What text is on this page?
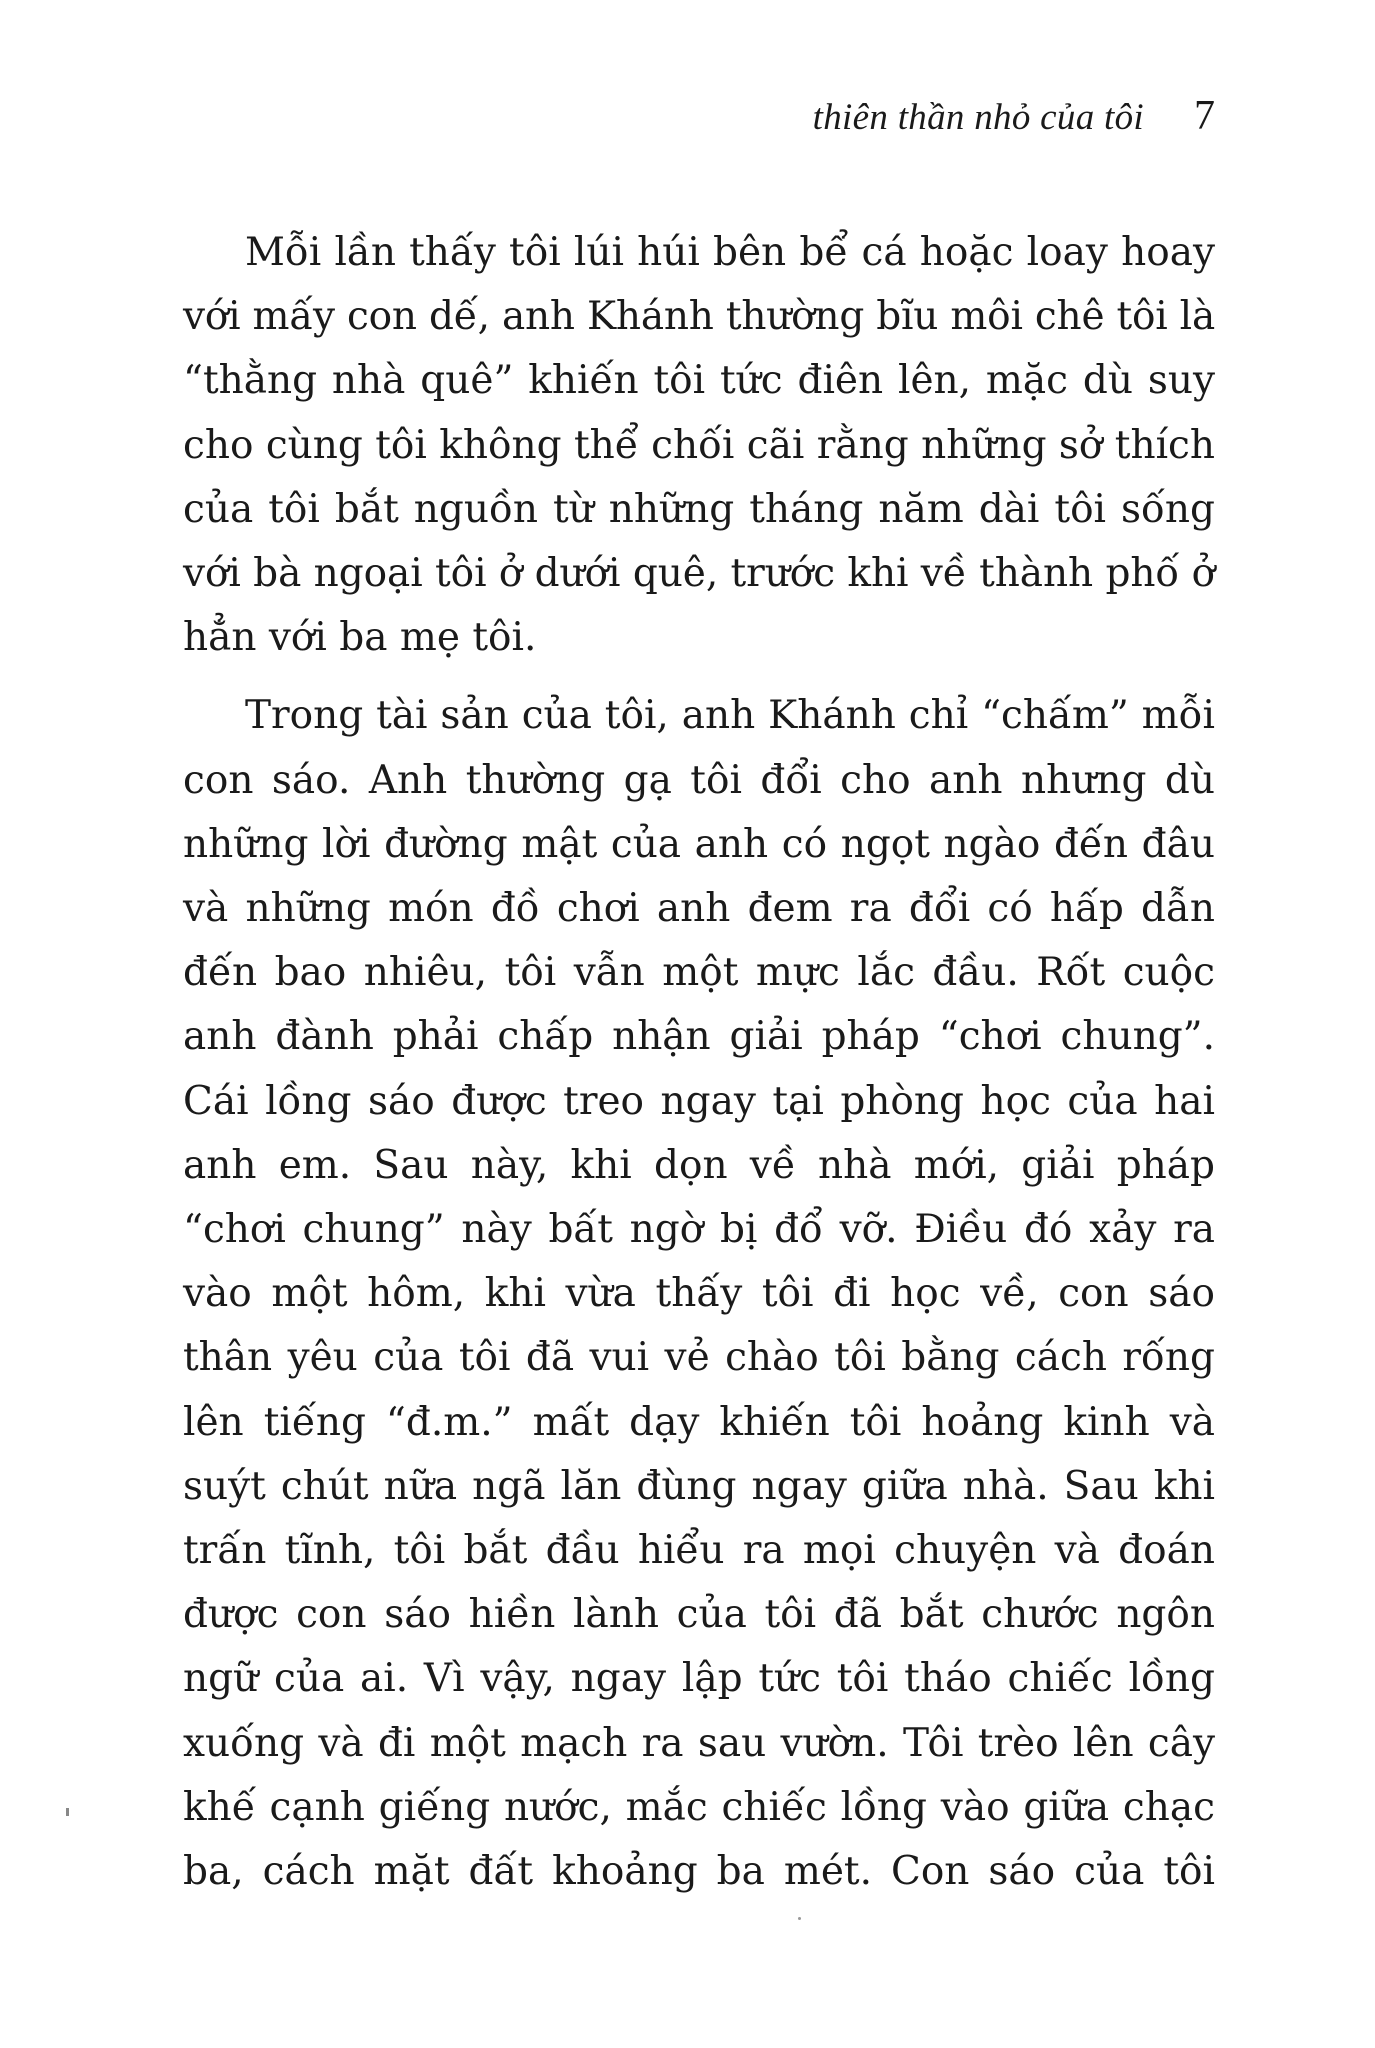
thiên thần nhỏ của tôi 7
Mỗi lần thấy tôi lúi húi bên bể cá hoặc loay hoay
với mấy con dế, anh Khánh thường bĩu môi chê tôi là
“thằng nhà quê” khiến tôi tức điên lên, mặc dù suy
cho cùng tôi không thể chối cãi rằng những sở thích
của tôi bắt nguồn từ những tháng năm dài tôi sống
với bà ngoại tôi ở dưới quê, trước khi về thành phố ở
hẳn với ba mẹ tôi.
Trong tài sản của tôi, anh Khánh chỉ “chấm” mỗi
con sáo. Anh thường gạ tôi đổi cho anh nhưng dù
những lời đường mật của anh có ngọt ngào đến đâu
và những món đồ chơi anh đem ra đổi có hấp dẫn
đến bao nhiêu, tôi vẫn một mực lắc đầu. Rốt cuộc
anh đành phải chấp nhận giải pháp “chơi chung”.
Cái lồng sáo được treo ngay tại phòng học của hai
anh em. Sau này, khi dọn về nhà mới, giải pháp
“chơi chung” này bất ngờ bị đổ vỡ. Điều đó xảy ra
vào một hôm, khi vừa thấy tôi đi học về, con sáo
thân yêu của tôi đã vui vẻ chào tôi bằng cách rống
lên tiếng “đ.m.” mất dạy khiến tôi hoảng kinh và
suýt chút nữa ngã lăn đùng ngay giữa nhà. Sau khi
trấn tĩnh, tôi bắt đầu hiểu ra mọi chuyện và đoán
được con sáo hiền lành của tôi đã bắt chước ngôn
ngữ của ai. Vì vậy, ngay lập tức tôi tháo chiếc lồng
xuống và đi một mạch ra sau vườn. Tôi trèo lên cây
khế cạnh giếng nước, mắc chiếc lồng vào giữa chạc
ba, cách mặt đất khoảng ba mét. Con sáo của tôi
